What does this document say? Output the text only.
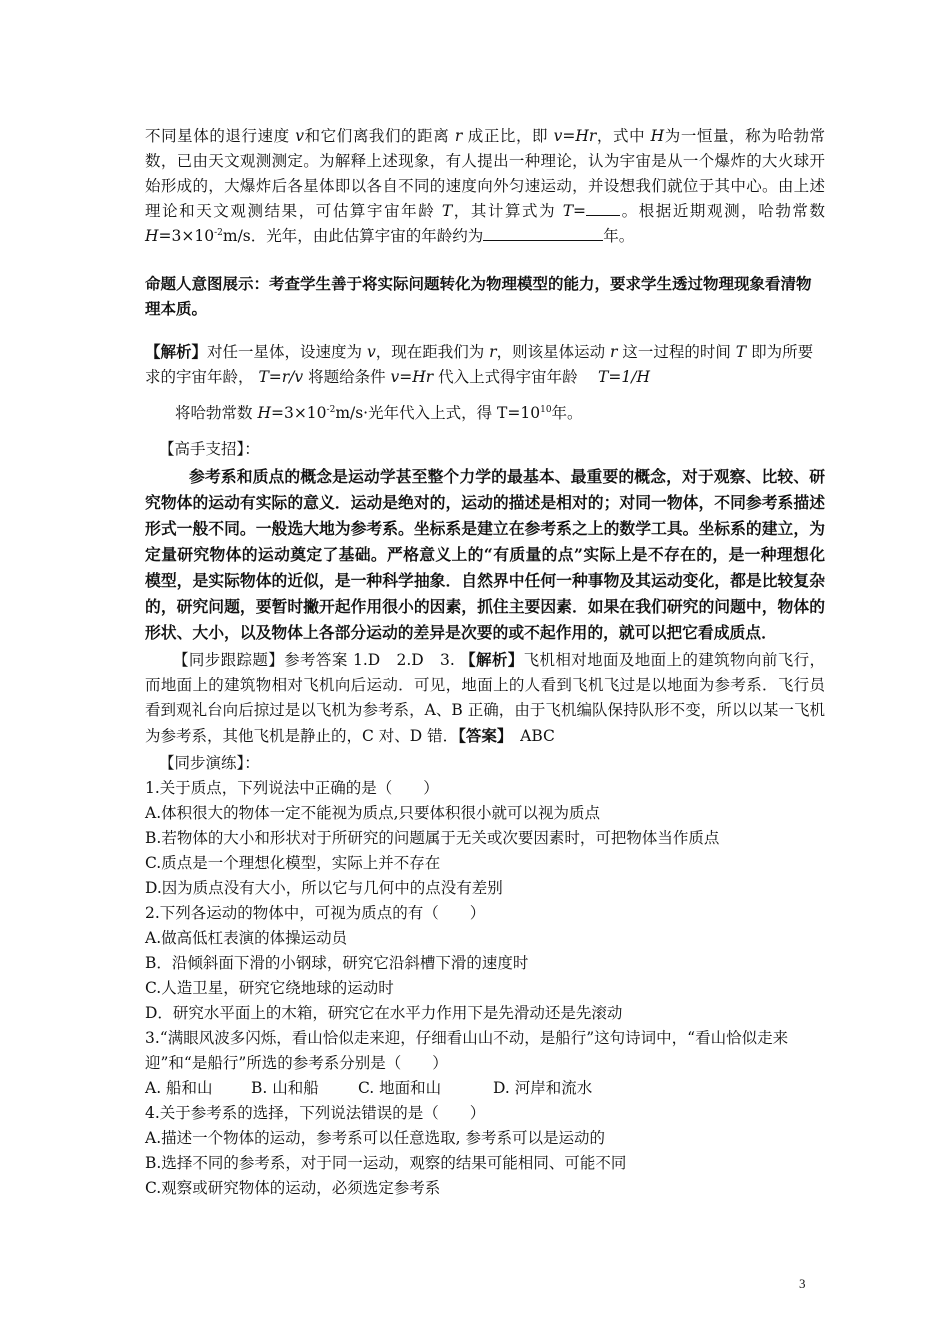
不同星体的退行速度 v和它们离我们的距离 r 成正比，即 v=Hr，式中 H为一恒量，称为哈勃常数，已由天文观测测定。为解释上述现象，有人提出一种理论，认为宇宙是从一个爆炸的大火球开始形成的，大爆炸后各星体即以各自不同的速度向外匀速运动，并设想我们就位于其中心。由上述理论和天文观测结果，可估算宇宙年龄 T，其计算式为 T= 。根据近期观测，哈勃常数 $H=3\times 10^{-2}m/s$．光年，由此估算宇宙的年龄约为	年。

命题人意图展示：考查学生善于将实际问题转化为物理模型的能力，要求学生透过物理现象看清物理本质。

【解析】对任一星体，设速度为 v，现在距我们为 r，则该星体运动 r 这一过程的时间 T 即为所要求的宇宙年龄， T=r/v 将题给条件 v=Hr 代入上式得宇宙年龄　 T=1/H

将哈勃常数 $H=3\times 10^{-2}m/s\cdot$光年代入上式，得 $T=10^{10}$年。

【高手支招】：

参考系和质点的概念是运动学甚至整个力学的最基本、最重要的概念，对于观察、比较、研究物体的运动有实际的意义．运动是绝对的，运动的描述是相对的；对同一物体，不同参考系描述形式一般不同。一般选大地为参考系。坐标系是建立在参考系之上的数学工具。坐标系的建立，为定量研究物体的运动奠定了基础。严格意义上的“有质量的点”实际上是不存在的，是一种理想化模型，是实际物体的近似，是一种科学抽象．自然界中任何一种事物及其运动变化，都是比较复杂的，研究问题，要暂时撇开起作用很小的因素，抓住主要因素．如果在我们研究的问题中，物体的形状、大小，以及物体上各部分运动的差异是次要的或不起作用的，就可以把它看成质点．

【同步跟踪题】参考答案 1.D　2.D　3. 【解析】飞机相对地面及地面上的建筑物向前飞行，而地面上的建筑物相对飞机向后运动．可见，地面上的人看到飞机飞过是以地面为参考系．飞行员看到观礼台向后掠过是以飞机为参考系，A、B 正确，由于飞机编队保持队形不变，所以以某一飞机为参考系，其他飞机是静止的，C 对、D 错．【答案】　ABC

【同步演练】：

1.关于质点，下列说法中正确的是（　　）

A.体积很大的物体一定不能视为质点,只要体积很小就可以视为质点

B.若物体的大小和形状对于所研究的问题属于无关或次要因素时，可把物体当作质点

C.质点是一个理想化模型，实际上并不存在

D.因为质点没有大小，所以它与几何中的点没有差别

2.下列各运动的物体中，可视为质点的有（　　）

A.做高低杠表演的体操运动员

B．沿倾斜面下滑的小钢球，研究它沿斜槽下滑的速度时

C.人造卫星，研究它绕地球的运动时

D．研究水平面上的木箱，研究它在水平力作用下是先滑动还是先滚动

3.“满眼风波多闪烁，看山恰似走来迎，仔细看山山不动，是船行”这句诗词中，“看山恰似走来迎”和“是船行”所选的参考系分别是（　　）

A. 船和山 B. 山和船	C. 地面和山	D. 河岸和流水

4.关于参考系的选择，下列说法错误的是（　　）

A.描述一个物体的运动，参考系可以任意选取, 参考系可以是运动的

B.选择不同的参考系，对于同一运动，观察的结果可能相同、可能不同

C.观察或研究物体的运动，必须选定参考系

3
